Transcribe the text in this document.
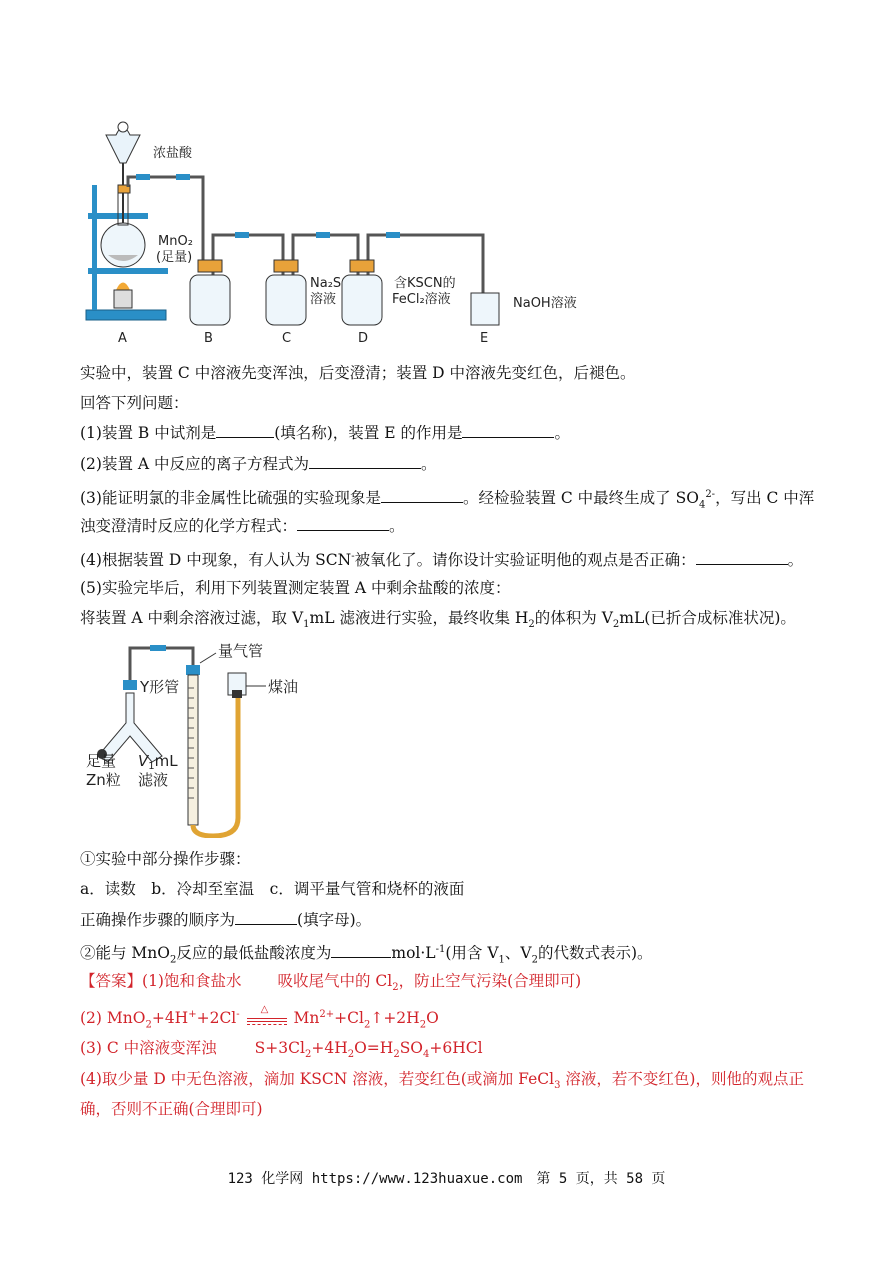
浓盐酸
MnO₂
(足量)
Na₂S
溶液
含KSCN的
FeCl₂溶液	NaOH溶液
A	B	C	D	E
实验中，装置 C 中溶液先变浑浊，后变澄清；装置 D 中溶液先变红色，后褪色。
回答下列问题：
(1)装置 B 中试剂是	(填名称)，装置 E 的作用是	。
(2)装置 A 中反应的离子方程式为	。
(3)能证明氯的非金属性比硫强的实验现象是	。经检验装置 C 中最终生成了 $SO_4^{2-}$，写出 C 中浑
浊变澄清时反应的化学方程式：	。
(4)根据装置 D 中现象，有人认为 SCN-被氧化了。请你设计实验证明他的观点是否正确：	。
(5)实验完毕后，利用下列装置测定装置 A 中剩余盐酸的浓度：
将装置 A 中剩余溶液过滤，取 $V_1mL$ 滤液进行实验，最终收集 $H_2$的体积为 $V_2mL$(已折合成标准状况)。
量气管
Y形管	煤油
足量
Zn粒
$V_1mL$
滤液
①实验中部分操作步骤：
a．读数　b．冷却至室温　c．调平量气管和烧杯的液面
正确操作步骤的顺序为	(填字母)。
②能与 MnO$_2$反应的最低盐酸浓度为	$mol\cdot L^{-1}$(用含 $V_1$、$V_2$的代数式表示)。
【答案】(1)饱和食盐水 吸收尾气中的 $Cl_2$，防止空气污染(合理即可)
(2) MnO$_2$+4H++2Cl- △ $Mn^{2+}+Cl_2↑+2H_2O$
(3) C 中溶液变浑浊 $S+3Cl_2+4H_2O=H_2SO_4+6HCl$
(4)取少量 D 中无色溶液，滴加 KSCN 溶液，若变红色(或滴加 FeCl$_3$ 溶液，若不变红色)，则他的观点正
确，否则不正确(合理即可)
123 化学网 https://www.123huaxue.com　第 5 页，共 58 页
